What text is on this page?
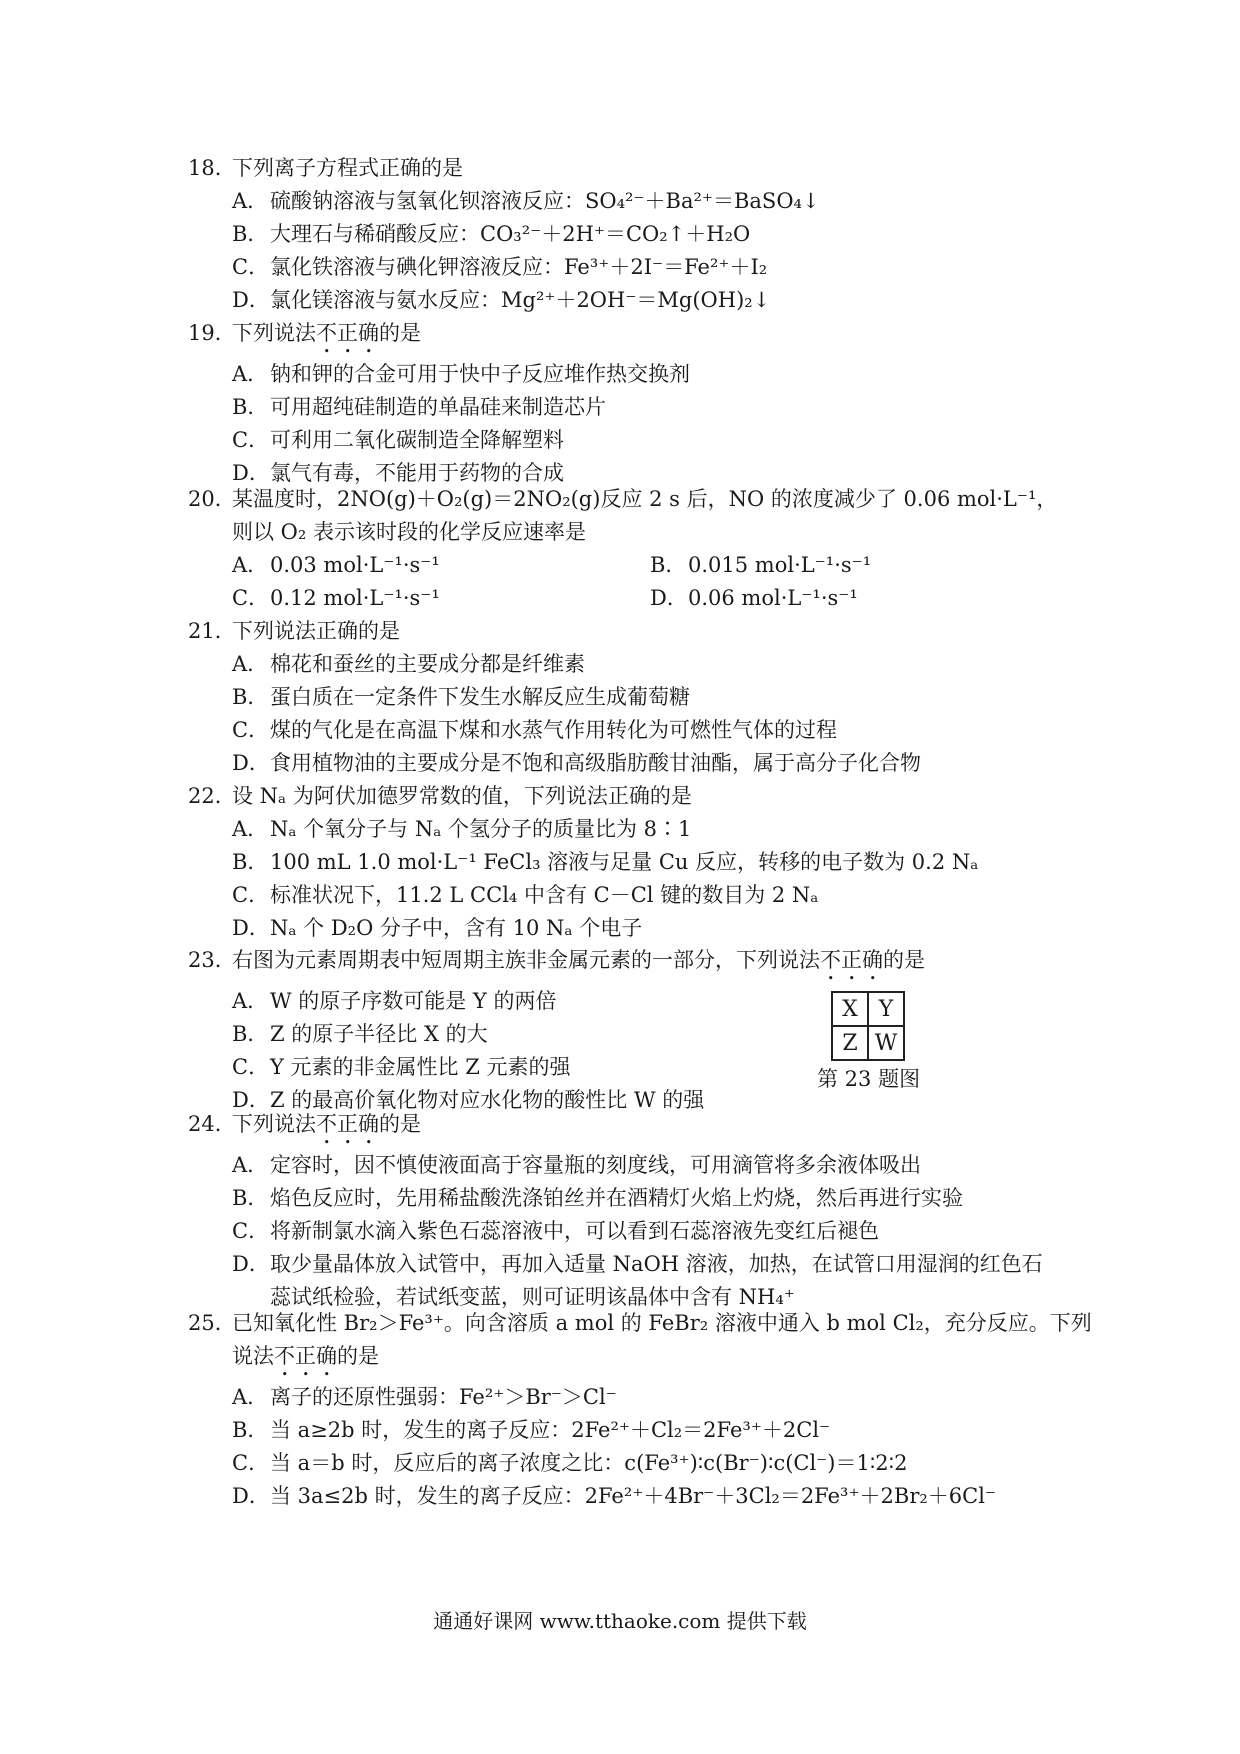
18．
下列离子方程式正确的是
A． 硫酸钠溶液与氢氧化钡溶液反应：SO₄²⁻＋Ba²⁺＝BaSO₄↓
B． 大理石与稀硝酸反应：CO₃²⁻＋2H⁺＝CO₂↑＋H₂O
C． 氯化铁溶液与碘化钾溶液反应：Fe³⁺＋2I⁻＝Fe²⁺＋I₂
D． 氯化镁溶液与氨水反应：Mg²⁺＋2OH⁻＝Mg(OH)₂↓
19．
下列说法不正确的是
A． 钠和钾的合金可用于快中子反应堆作热交换剂
B． 可用超纯硅制造的单晶硅来制造芯片
C． 可利用二氧化碳制造全降解塑料
D． 氯气有毒，不能用于药物的合成
20．
某温度时，2NO(g)＋O₂(g)＝2NO₂(g)反应 2 s 后，NO 的浓度减少了 0.06 mol·L⁻¹，
则以 O₂ 表示该时段的化学反应速率是
A． 0.03 mol·L⁻¹·s⁻¹	B． 0.015 mol·L⁻¹·s⁻¹
C． 0.12 mol·L⁻¹·s⁻¹	D． 0.06 mol·L⁻¹·s⁻¹
21．
下列说法正确的是
A． 棉花和蚕丝的主要成分都是纤维素
B． 蛋白质在一定条件下发生水解反应生成葡萄糖
C． 煤的气化是在高温下煤和水蒸气作用转化为可燃性气体的过程
D． 食用植物油的主要成分是不饱和高级脂肪酸甘油酯，属于高分子化合物
22．
设 Nₐ 为阿伏加德罗常数的值，下列说法正确的是
A． Nₐ 个氧分子与 Nₐ 个氢分子的质量比为 8∶1
B． 100 mL 1.0 mol·L⁻¹ FeCl₃ 溶液与足量 Cu 反应，转移的电子数为 0.2 Nₐ
C． 标准状况下，11.2 L CCl₄ 中含有 C－Cl 键的数目为 2 Nₐ
D． Nₐ 个 D₂O 分子中，含有 10 Nₐ 个电子
23．
右图为元素周期表中短周期主族非金属元素的一部分，下列说法不正确的是
A． W 的原子序数可能是 Y 的两倍
B． Z 的原子半径比 X 的大
C． Y 元素的非金属性比 Z 元素的强
D． Z 的最高价氧化物对应水化物的酸性比 W 的强
X	Y
Z	W
第 23 题图
24．
下列说法不正确的是
A． 定容时，因不慎使液面高于容量瓶的刻度线，可用滴管将多余液体吸出
B． 焰色反应时，先用稀盐酸洗涤铂丝并在酒精灯火焰上灼烧，然后再进行实验
C． 将新制氯水滴入紫色石蕊溶液中，可以看到石蕊溶液先变红后褪色
D． 取少量晶体放入试管中，再加入适量 NaOH 溶液，加热，在试管口用湿润的红色石
蕊试纸检验，若试纸变蓝，则可证明该晶体中含有 NH₄⁺
25．
已知氧化性 Br₂＞Fe³⁺。向含溶质 a mol 的 FeBr₂ 溶液中通入 b mol Cl₂，充分反应。下列
说法不正确的是
A． 离子的还原性强弱：Fe²⁺＞Br⁻＞Cl⁻
B． 当 a≥2b 时，发生的离子反应：2Fe²⁺＋Cl₂＝2Fe³⁺＋2Cl⁻
C． 当 a＝b 时，反应后的离子浓度之比：c(Fe³⁺)∶c(Br⁻)∶c(Cl⁻)＝1∶2∶2
D． 当 3a≤2b 时，发生的离子反应：2Fe²⁺＋4Br⁻＋3Cl₂＝2Fe³⁺＋2Br₂＋6Cl⁻
通通好课网 www.tthaoke.com 提供下载
